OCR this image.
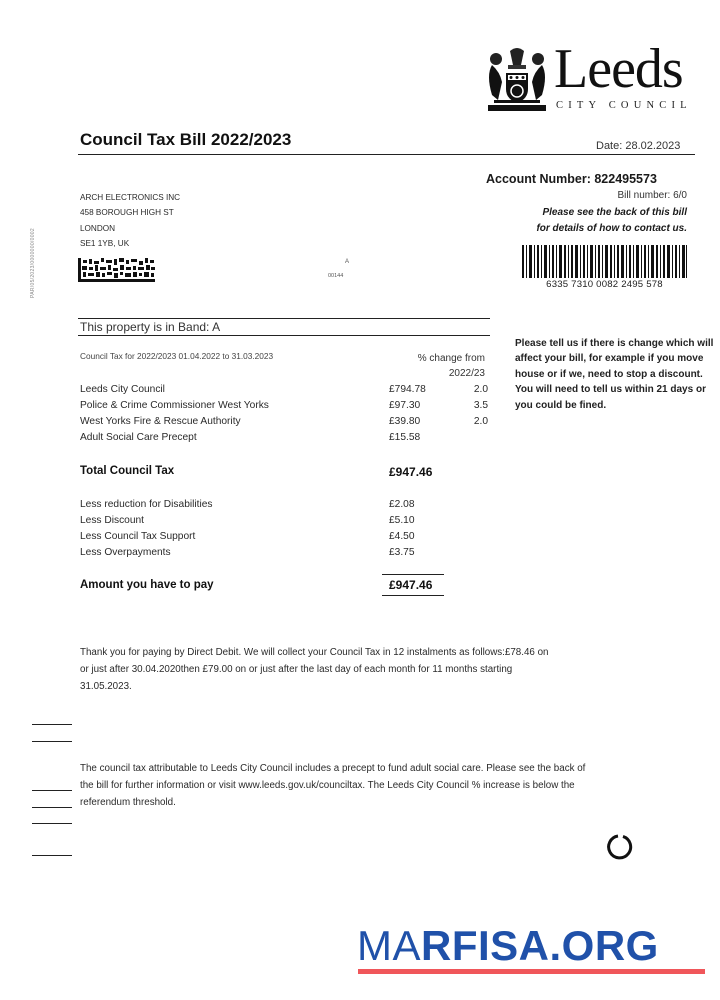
Leeds
CITY COUNCIL
Council Tax Bill 2022/2023	Date: 28.02.2023
PAR/05/2023/0000000/0002
ARCH ELECTRONICS INC
458 BOROUGH HIGH ST
LONDON
SE1 1YB, UK
A
00144
Account Number: 822495573
Bill number: 6/0
Please see the back of this bill
for details of how to contact us.
6335 7310 0082 2495 578
This property is in Band: A
Council Tax for 2022/2023 01.04.2022 to 31.03.2023	% change from
2022/23
Leeds City Council	£794.78	2.0
Police & Crime Commissioner West Yorks	£97.30	3.5
West Yorks Fire & Rescue Authority	£39.80	2.0
Adult Social Care Precept	£15.58
Total Council Tax	£947.46
Less reduction for Disabilities	£2.08
Less Discount	£5.10
Less Council Tax Support	£4.50
Less Overpayments	£3.75
Amount you have to pay	£947.46
Please tell us if there is change which will affect your bill, for example if you move house or if we, need to stop a discount. You will need to tell us within 21 days or you could be fined.
Thank you for paying by Direct Debit. We will collect your Council Tax in 12 instalments as follows:£78.46 on or just after 30.04.2020then £79.00 on or just after the last day of each month for 11 months starting 31.05.2023.
The council tax attributable to Leeds City Council includes a precept to fund adult social care. Please see the back of the bill for further information or visit www.leeds.gov.uk/counciltax. The Leeds City Council % increase is below the referendum threshold.
MARFISA.ORG
